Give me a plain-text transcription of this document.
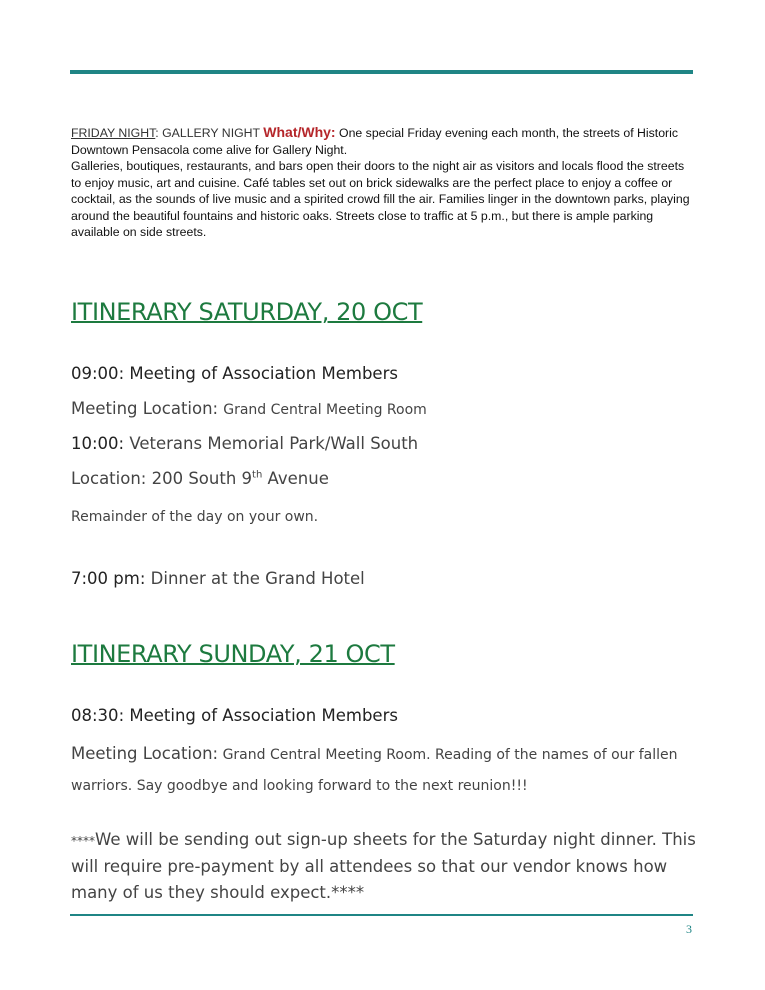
FRIDAY NIGHT: GALLERY NIGHT What/Why: One special Friday evening each month, the streets of Historic Downtown Pensacola come alive for Gallery Night.
Galleries, boutiques, restaurants, and bars open their doors to the night air as visitors and locals flood the streets to enjoy music, art and cuisine. Café tables set out on brick sidewalks are the perfect place to enjoy a coffee or cocktail, as the sounds of live music and a spirited crowd fill the air. Families linger in the downtown parks, playing around the beautiful fountains and historic oaks. Streets close to traffic at 5 p.m., but there is ample parking available on side streets.
ITINERARY SATURDAY, 20 OCT
09:00: Meeting of Association Members
Meeting Location: Grand Central Meeting Room
10:00: Veterans Memorial Park/Wall South
Location: 200 South 9th Avenue
Remainder of the day on your own.
7:00 pm: Dinner at the Grand Hotel
ITINERARY SUNDAY, 21 OCT
08:30: Meeting of Association Members
Meeting Location: Grand Central Meeting Room. Reading of the names of our fallen warriors. Say goodbye and looking forward to the next reunion!!!
****We will be sending out sign-up sheets for the Saturday night dinner. This will require pre-payment by all attendees so that our vendor knows how many of us they should expect.****
3
